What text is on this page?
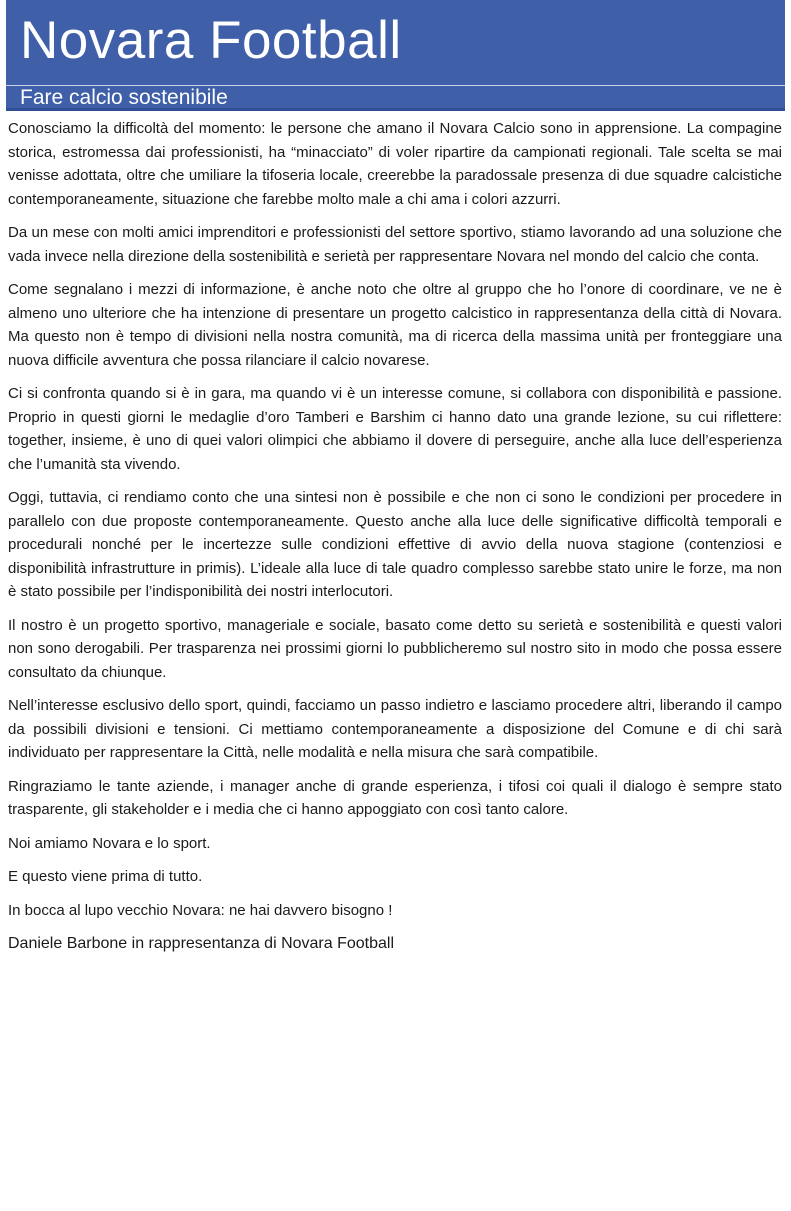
Novara Football
Fare calcio sostenibile

Conosciamo la difficoltà del momento: le persone che amano il Novara Calcio sono in apprensione. La compagine storica, estromessa dai professionisti, ha “minacciato” di voler ripartire da campionati regionali. Tale scelta se mai venisse adottata, oltre che umiliare la tifoseria locale, creerebbe la paradossale presenza di due squadre calcistiche contemporaneamente, situazione che farebbe molto male a chi ama i colori azzurri.

Da un mese con molti amici imprenditori e professionisti del settore sportivo, stiamo lavorando ad una soluzione che vada invece nella direzione della sostenibilità e serietà per rappresentare Novara nel mondo del calcio che conta.

Come segnalano i mezzi di informazione, è anche noto che oltre al gruppo che ho l’onore di coordinare, ve ne è almeno uno ulteriore che ha intenzione di presentare un progetto calcistico in rappresentanza della città di Novara. Ma questo non è tempo di divisioni nella nostra comunità, ma di ricerca della massima unità per fronteggiare una nuova difficile avventura che possa rilanciare il calcio novarese.

Ci si confronta quando si è in gara, ma quando vi è un interesse comune, si collabora con disponibilità e passione. Proprio in questi giorni le medaglie d’oro Tamberi e Barshim ci hanno dato una grande lezione, su cui riflettere: together, insieme, è uno di quei valori olimpici che abbiamo il dovere di perseguire, anche alla luce dell’esperienza che l’umanità sta vivendo.

Oggi, tuttavia, ci rendiamo conto che una sintesi non è possibile e che non ci sono le condizioni per procedere in parallelo con due proposte contemporaneamente. Questo anche alla luce delle significative difficoltà temporali e procedurali nonché per le incertezze sulle condizioni effettive di avvio della nuova stagione (contenziosi e disponibilità infrastrutture in primis). L’ideale alla luce di tale quadro complesso sarebbe stato unire le forze, ma non è stato possibile per l’indisponibilità dei nostri interlocutori.

Il nostro è un progetto sportivo, manageriale e sociale, basato come detto su serietà e sostenibilità e questi valori non sono derogabili. Per trasparenza nei prossimi giorni lo pubblicheremo sul nostro sito in modo che possa essere consultato da chiunque.

Nell’interesse esclusivo dello sport, quindi, facciamo un passo indietro e lasciamo procedere altri, liberando il campo da possibili divisioni e tensioni. Ci mettiamo contemporaneamente a disposizione del Comune e di chi sarà individuato per rappresentare la Città, nelle modalità e nella misura che sarà compatibile.

Ringraziamo le tante aziende, i manager anche di grande esperienza, i tifosi coi quali il dialogo è sempre stato trasparente, gli stakeholder e i media che ci hanno appoggiato con così tanto calore.

Noi amiamo Novara e lo sport.

E questo viene prima di tutto.

In bocca al lupo vecchio Novara: ne hai davvero bisogno !

Daniele Barbone in rappresentanza di Novara Football
